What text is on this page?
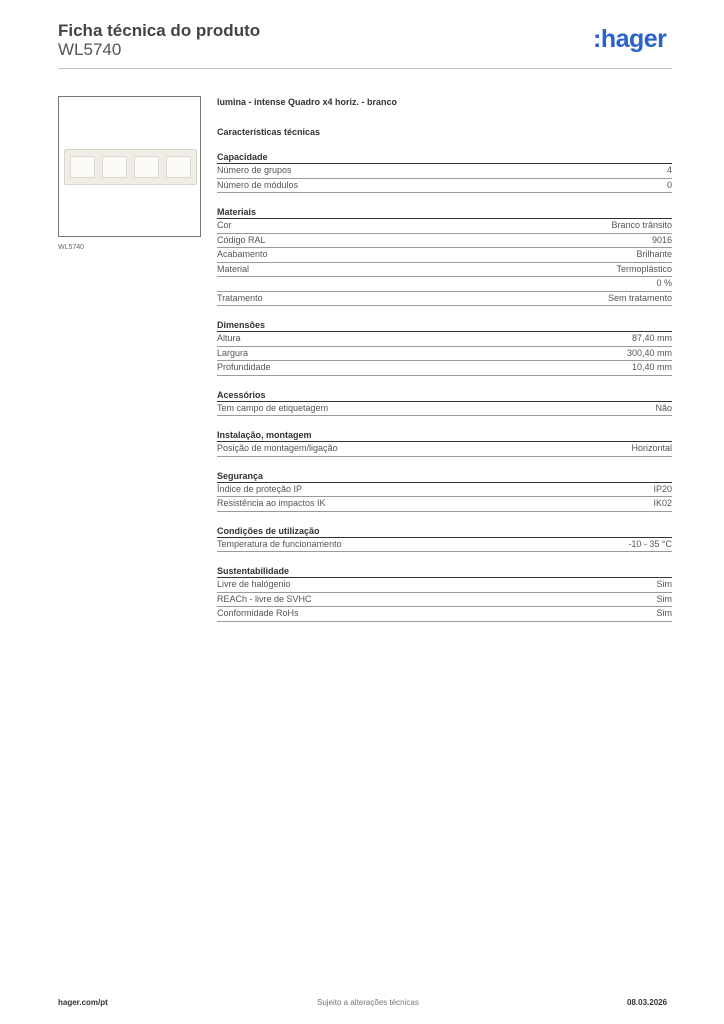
Ficha técnica do produto
WL5740	:hager
WL5740
lumina - intense Quadro x4 horiz. - branco
Características técnicas
Capacidade
Número de grupos	4
Número de módulos	0
Materiais
Cor	Branco trânsito
Código RAL	9016
Acabamento	Brilhante
Material	Termoplástico
0 %
Tratamento	Sem tratamento
Dimensões
Altura	87,40 mm
Largura	300,40 mm
Profundidade	10,40 mm
Acessórios
Tem campo de etiquetagem	Não
Instalação, montagem
Posição de montagem/ligação	Horizontal
Segurança
Índice de proteção IP	IP20
Resistência ao impactos IK	IK02
Condições de utilização
Temperatura de funcionamento	-10 - 35 °C
Sustentabilidade
Livre de halógenio	Sim
REACh - livre de SVHC	Sim
Conformidade RoHs	Sim
hager.com/pt	Sujeito a alterações técnicas	08.03.2026
